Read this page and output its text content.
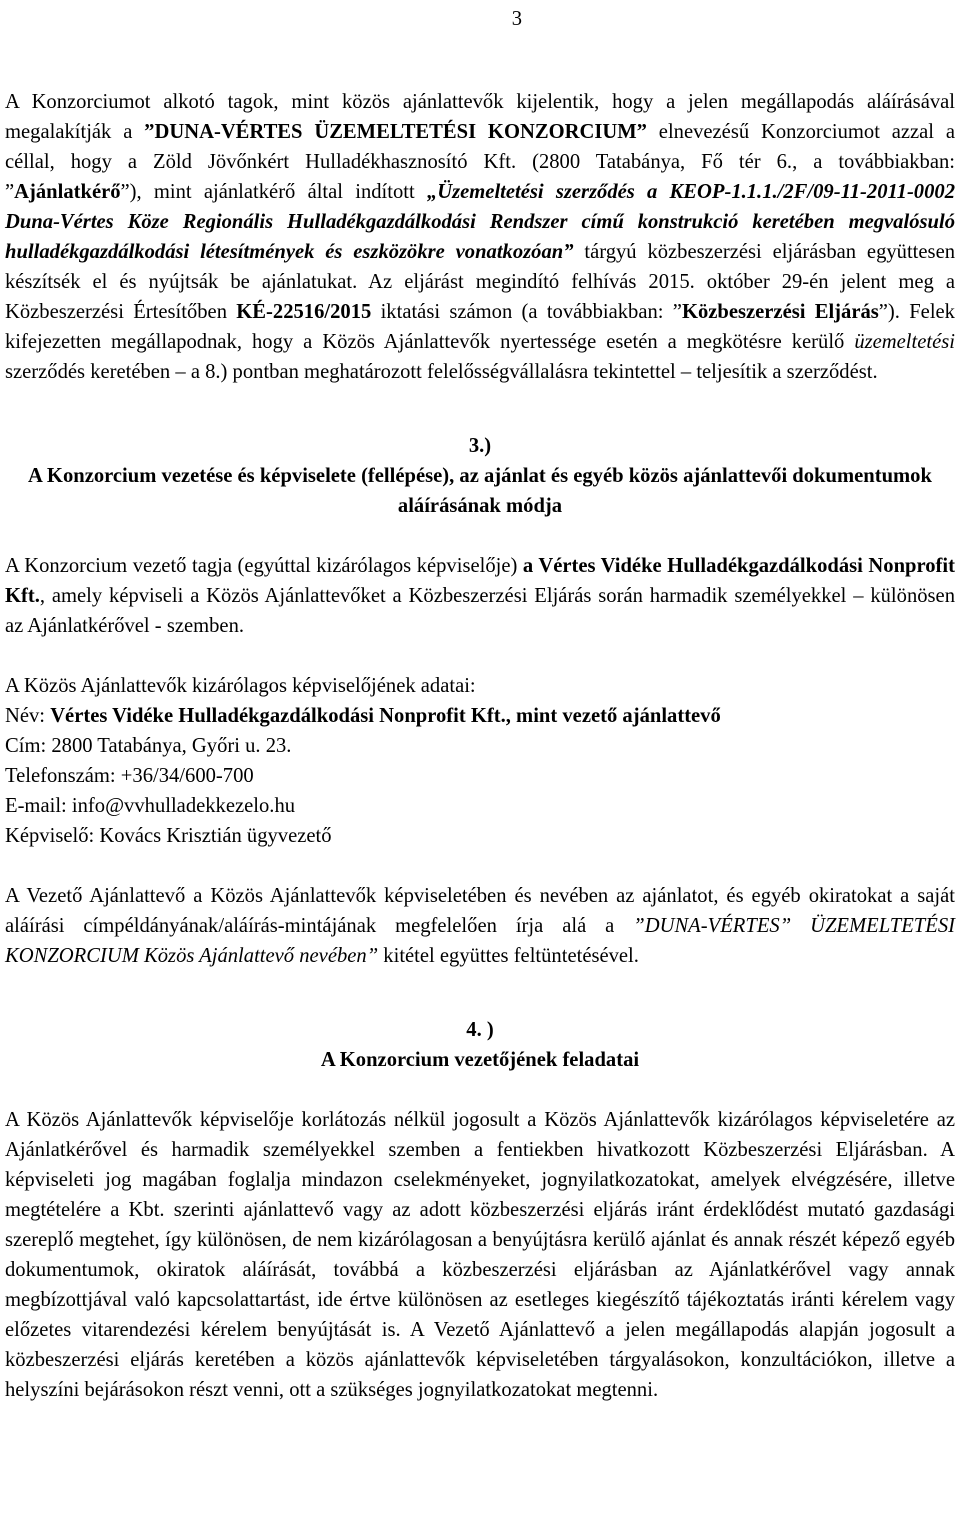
3

A Konzorciumot alkotó tagok, mint közös ajánlattevők kijelentik, hogy a jelen megállapodás aláírásával megalakítják a ”DUNA-VÉRTES ÜZEMELTETÉSI KONZORCIUM” elnevezésű Konzorciumot azzal a céllal, hogy a Zöld Jövőnkért Hulladékhasznosító Kft. (2800 Tatabánya, Fő tér 6., a továbbiakban: ”Ajánlatkérő”), mint ajánlatkérő által indított „Üzemeltetési szerződés a KEOP-1.1.1./2F/09-11-2011-0002 Duna-Vértes Köze Regionális Hulladékgazdálkodási Rendszer című konstrukció keretében megvalósuló hulladékgazdálkodási létesítmények és eszközökre vonatkozóan” tárgyú közbeszerzési eljárásban együttesen készítsék el és nyújtsák be ajánlatukat. Az eljárást megindító felhívás 2015. október 29-én jelent meg a Közbeszerzési Értesítőben KÉ-22516/2015 iktatási számon (a továbbiakban: ”Közbeszerzési Eljárás”). Felek kifejezetten megállapodnak, hogy a Közös Ajánlattevők nyertessége esetén a megkötésre kerülő üzemeltetési szerződés keretében – a 8.) pontban meghatározott felelősségvállalásra tekintettel – teljesítik a szerződést.

3.)
A Konzorcium vezetése és képviselete (fellépése), az ajánlat és egyéb közös ajánlattevői dokumentumok aláírásának módja

A Konzorcium vezető tagja (egyúttal kizárólagos képviselője) a Vértes Vidéke Hulladékgazdálkodási Nonprofit Kft., amely képviseli a Közös Ajánlattevőket a Közbeszerzési Eljárás során harmadik személyekkel – különösen az Ajánlatkérővel - szemben.

A Közös Ajánlattevők kizárólagos képviselőjének adatai:
Név: Vértes Vidéke Hulladékgazdálkodási Nonprofit Kft., mint vezető ajánlattevő
Cím: 2800 Tatabánya, Győri u. 23.
Telefonszám: +36/34/600-700
E-mail: info@vvhulladekkezelo.hu
Képviselő: Kovács Krisztián ügyvezető

A Vezető Ajánlattevő a Közös Ajánlattevők képviseletében és nevében az ajánlatot, és egyéb okiratokat a saját aláírási címpéldányának/aláírás-mintájának megfelelően írja alá a ”DUNA-VÉRTES” ÜZEMELTETÉSI KONZORCIUM Közös Ajánlattevő nevében” kitétel együttes feltüntetésével.

4. )
A Konzorcium vezetőjének feladatai

A Közös Ajánlattevők képviselője korlátozás nélkül jogosult a Közös Ajánlattevők kizárólagos képviseletére az Ajánlatkérővel és harmadik személyekkel szemben a fentiekben hivatkozott Közbeszerzési Eljárásban. A képviseleti jog magában foglalja mindazon cselekményeket, jognyilatkozatokat, amelyek elvégzésére, illetve megtételére a Kbt. szerinti ajánlattevő vagy az adott közbeszerzési eljárás iránt érdeklődést mutató gazdasági szereplő megtehet, így különösen, de nem kizárólagosan a benyújtásra kerülő ajánlat és annak részét képező egyéb dokumentumok, okiratok aláírását, továbbá a közbeszerzési eljárásban az Ajánlatkérővel vagy annak megbízottjával való kapcsolattartást, ide értve különösen az esetleges kiegészítő tájékoztatás iránti kérelem vagy előzetes vitarendezési kérelem benyújtását is. A Vezető Ajánlattevő a jelen megállapodás alapján jogosult a közbeszerzési eljárás keretében a közös ajánlattevők képviseletében tárgyalásokon, konzultációkon, illetve a helyszíni bejárásokon részt venni, ott a szükséges jognyilatkozatokat megtenni.
